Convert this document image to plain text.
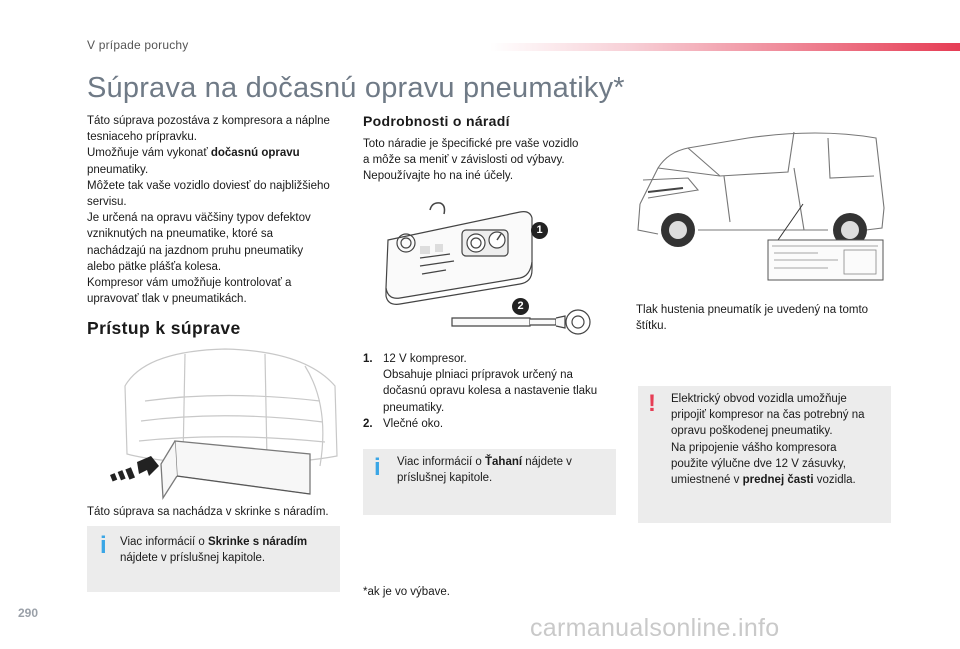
V prípade poruchy
Súprava na dočasnú opravu pneumatiky*
Táto súprava pozostáva z kompresora a náplne
tesniaceho prípravku.
Umožňuje vám vykonať dočasnú opravu
pneumatiky.
Môžete tak vaše vozidlo doviesť do najbližšieho
servisu.
Je určená na opravu väčšiny typov defektov
vzniknutých na pneumatike, ktoré sa
nachádzajú na jazdnom pruhu pneumatiky
alebo pätke plášťa kolesa.
Kompresor vám umožňuje kontrolovať a
upravovať tlak v pneumatikách.
Prístup k súprave
Táto súprava sa nachádza v skrinke s náradím.
i Viac informácií o Skrinke s náradím
nájdete v príslušnej kapitole.
Podrobnosti o náradí
Toto náradie je špecifické pre vaše vozidlo
a môže sa meniť v závislosti od výbavy.
Nepoužívajte ho na iné účely.
1
2
1. 12 V kompresor.
Obsahuje plniaci prípravok určený na
dočasnú opravu kolesa a nastavenie tlaku
pneumatiky.
2. Vlečné oko.
i Viac informácií o Ťahaní nájdete v
príslušnej kapitole.
*ak je vo výbave.
Tlak hustenia pneumatík je uvedený na tomto
štítku.
! Elektrický obvod vozidla umožňuje
pripojiť kompresor na čas potrebný na
opravu poškodenej pneumatiky.
Na pripojenie vášho kompresora
použite výlučne dve 12 V zásuvky,
umiestnené v prednej časti vozidla.
290
carmanualsonline.info
